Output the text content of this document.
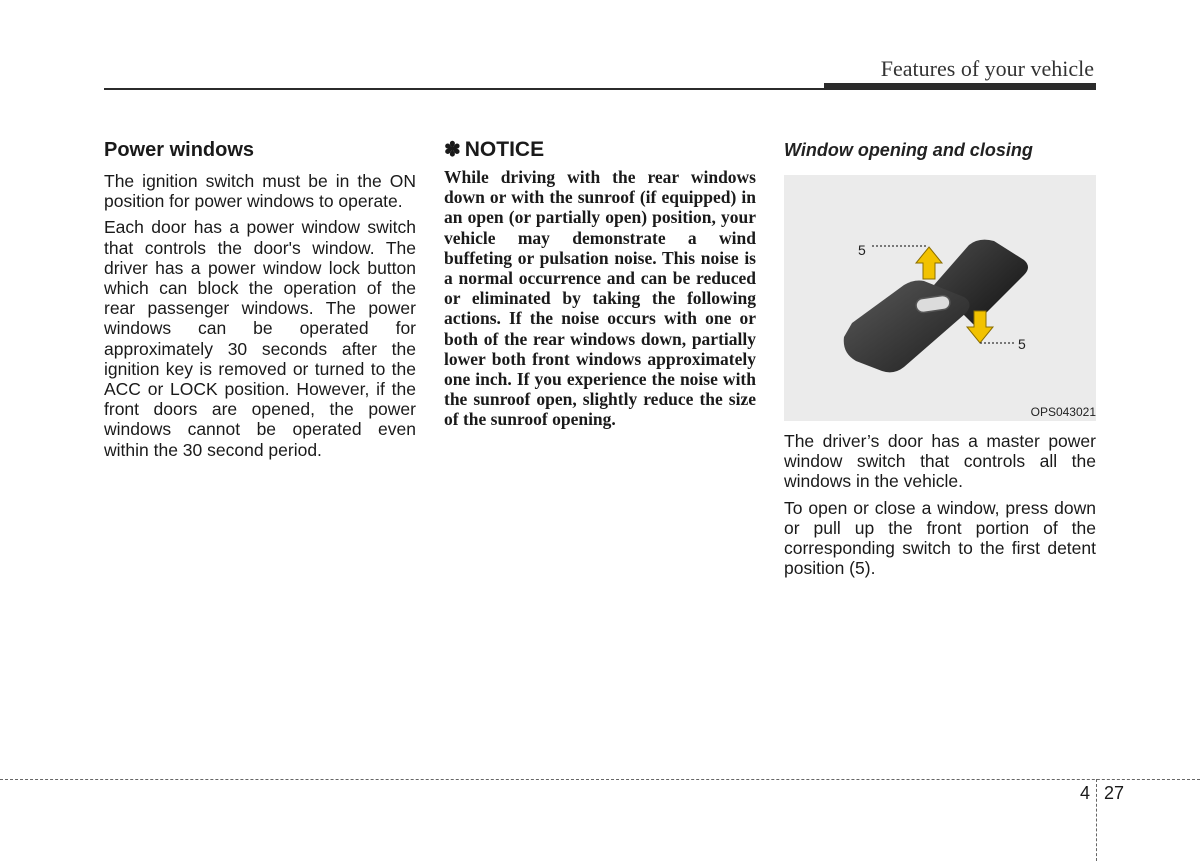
Features of your vehicle
Power windows

The ignition switch must be in the ON position for power windows to operate.

Each door has a power window switch that controls the door's window. The driver has a power window lock button which can block the operation of the rear passenger windows. The power windows can be operated for approximately 30 seconds after the ignition key is removed or turned to the ACC or LOCK position. However, if the front doors are opened, the power windows cannot be operated even within the 30 second period.

✽ NOTICE

While driving with the rear windows down or with the sunroof (if equipped) in an open (or partially open) position, your vehicle may demonstrate a wind buffeting or pulsation noise. This noise is a normal occurrence and can be reduced or eliminated by taking the following actions. If the noise occurs with one or both of the rear windows down, partially lower both front windows approximately one inch. If you experience the noise with the sunroof open, slightly reduce the size of the sunroof opening.

Window opening and closing
5
5
OPS043021

The driver’s door has a master power window switch that controls all the windows in the vehicle.

To open or close a window, press down or pull up the front portion of the corresponding switch to the first detent position (5).

4 27
